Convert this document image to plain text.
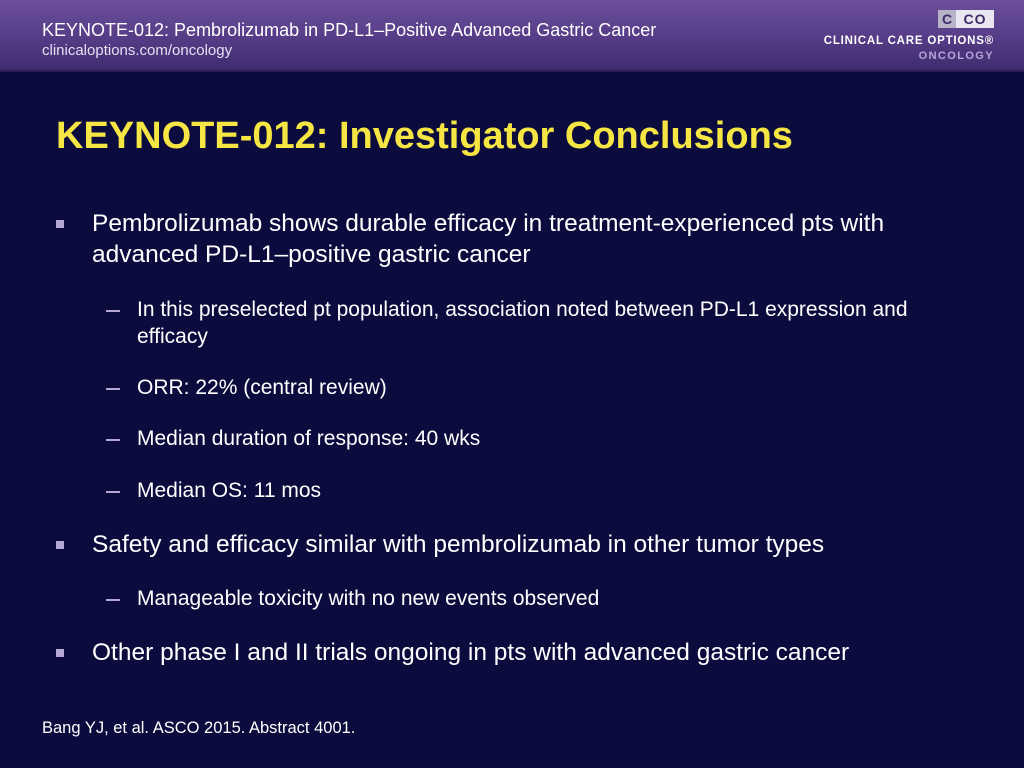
KEYNOTE-012: Pembrolizumab in PD-L1–Positive Advanced Gastric Cancer
clinicaloptions.com/oncology
C CO
CLINICAL CARE OPTIONS®
ONCOLOGY
KEYNOTE-012: Investigator Conclusions
Pembrolizumab shows durable efficacy in treatment-experienced pts with advanced PD-L1–positive gastric cancer
In this preselected pt population, association noted between PD-L1 expression and efficacy
ORR: 22% (central review)
Median duration of response: 40 wks
Median OS: 11 mos
Safety and efficacy similar with pembrolizumab in other tumor types
Manageable toxicity with no new events observed
Other phase I and II trials ongoing in pts with advanced gastric cancer
Bang YJ, et al. ASCO 2015. Abstract 4001.
